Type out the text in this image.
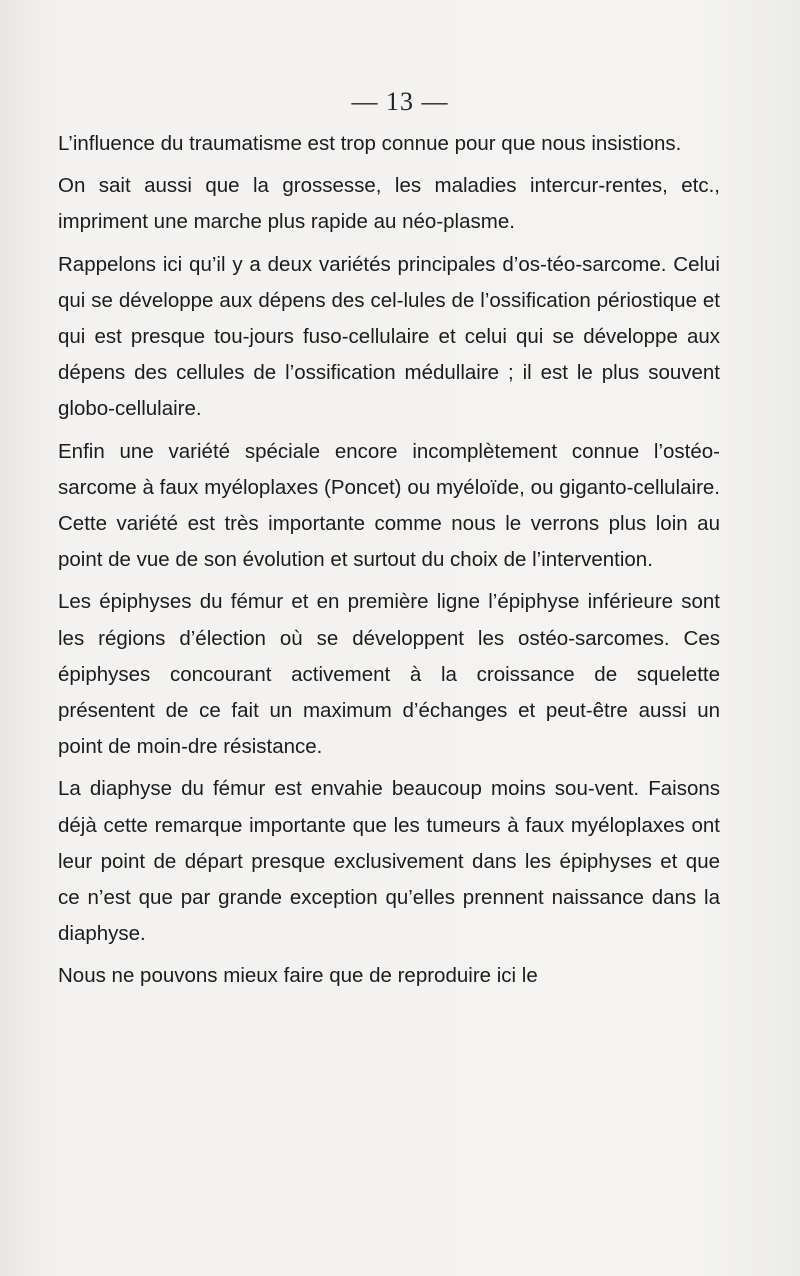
— 13 —

L’influence du traumatisme est trop connue pour que nous insistions.

On sait aussi que la grossesse, les maladies intercur-rentes, etc., impriment une marche plus rapide au néo-plasme.

Rappelons ici qu’il y a deux variétés principales d’os-téo-sarcome. Celui qui se développe aux dépens des cel-lules de l’ossification périostique et qui est presque tou-jours fuso-cellulaire et celui qui se développe aux dépens des cellules de l’ossification médullaire ; il est le plus souvent globo-cellulaire.

Enfin une variété spéciale encore incomplètement connue l’ostéo-sarcome à faux myéloplaxes (Poncet) ou myéloïde, ou giganto-cellulaire. Cette variété est très importante comme nous le verrons plus loin au point de vue de son évolution et surtout du choix de l’intervention.

Les épiphyses du fémur et en première ligne l’épiphyse inférieure sont les régions d’élection où se développent les ostéo-sarcomes. Ces épiphyses concourant activement à la croissance de squelette présentent de ce fait un maximum d’échanges et peut-être aussi un point de moin-dre résistance.

La diaphyse du fémur est envahie beaucoup moins sou-vent. Faisons déjà cette remarque importante que les tumeurs à faux myéloplaxes ont leur point de départ presque exclusivement dans les épiphyses et que ce n’est que par grande exception qu’elles prennent naissance dans la diaphyse.

Nous ne pouvons mieux faire que de reproduire ici le
